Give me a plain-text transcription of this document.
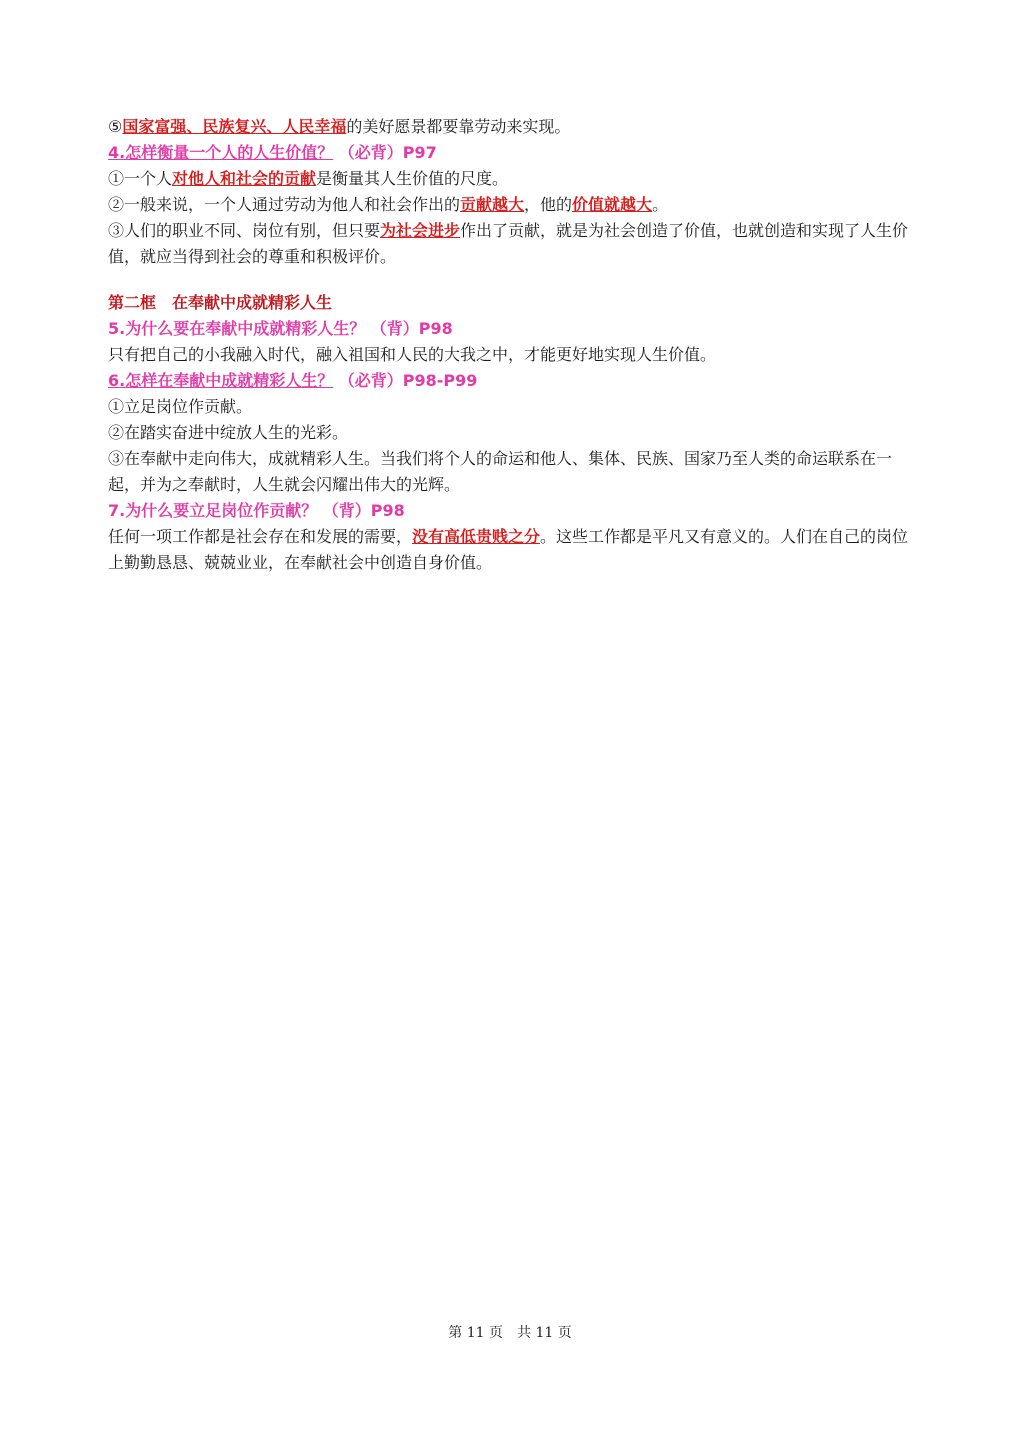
⑤国家富强、民族复兴、人民幸福的美好愿景都要靠劳动来实现。
4.怎样衡量一个人的人生价值？ （必背）P97
①一个人对他人和社会的贡献是衡量其人生价值的尺度。
②一般来说，一个人通过劳动为他人和社会作出的贡献越大，他的价值就越大。
③人们的职业不同、岗位有别，但只要为社会进步作出了贡献，就是为社会创造了价值，也就创造和实现了人生价值，就应当得到社会的尊重和积极评价。
第二框　在奉献中成就精彩人生
5.为什么要在奉献中成就精彩人生？ （背）P98
只有把自己的小我融入时代，融入祖国和人民的大我之中，才能更好地实现人生价值。
6.怎样在奉献中成就精彩人生？ （必背）P98-P99
①立足岗位作贡献。
②在踏实奋进中绽放人生的光彩。
③在奉献中走向伟大，成就精彩人生。当我们将个人的命运和他人、集体、民族、国家乃至人类的命运联系在一起，并为之奉献时，人生就会闪耀出伟大的光辉。
7.为什么要立足岗位作贡献？ （背）P98
任何一项工作都是社会存在和发展的需要，没有高低贵贱之分。这些工作都是平凡又有意义的。人们在自己的岗位上勤勤恳恳、兢兢业业，在奉献社会中创造自身价值。
第 11 页　共 11 页
